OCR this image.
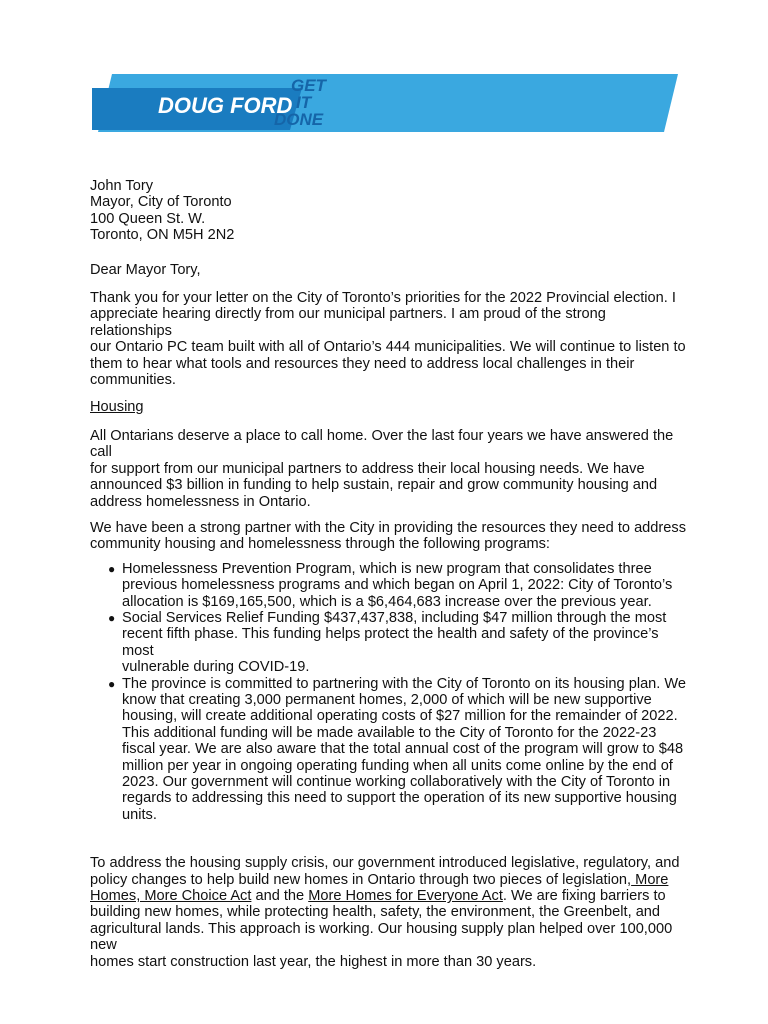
DOUG FORD
GET
IT
DONE
John Tory
Mayor, City of Toronto
100 Queen St. W.
Toronto, ON M5H 2N2
Dear Mayor Tory,
Thank you for your letter on the City of Toronto’s priorities for the 2022 Provincial election. I
appreciate hearing directly from our municipal partners. I am proud of the strong relationships
our Ontario PC team built with all of Ontario’s 444 municipalities. We will continue to listen to
them to hear what tools and resources they need to address local challenges in their
communities.
Housing
All Ontarians deserve a place to call home. Over the last four years we have answered the call
for support from our municipal partners to address their local housing needs. We have
announced $3 billion in funding to help sustain, repair and grow community housing and
address homelessness in Ontario.
We have been a strong partner with the City in providing the resources they need to address
community housing and homelessness through the following programs:
● Homelessness Prevention Program, which is new program that consolidates three
previous homelessness programs and which began on April 1, 2022: City of Toronto’s
allocation is $169,165,500, which is a $6,464,683 increase over the previous year.
● Social Services Relief Funding $437,437,838, including $47 million through the most
recent fifth phase. This funding helps protect the health and safety of the province’s most
vulnerable during COVID-19.
● The province is committed to partnering with the City of Toronto on its housing plan. We
know that creating 3,000 permanent homes, 2,000 of which will be new supportive
housing, will create additional operating costs of $27 million for the remainder of 2022.
This additional funding will be made available to the City of Toronto for the 2022-23
fiscal year. We are also aware that the total annual cost of the program will grow to $48
million per year in ongoing operating funding when all units come online by the end of
2023. Our government will continue working collaboratively with the City of Toronto in
regards to addressing this need to support the operation of its new supportive housing
units.
To address the housing supply crisis, our government introduced legislative, regulatory, and
policy changes to help build new homes in Ontario through two pieces of legislation, More
Homes, More Choice Act and the More Homes for Everyone Act. We are fixing barriers to
building new homes, while protecting health, safety, the environment, the Greenbelt, and
agricultural lands. This approach is working. Our housing supply plan helped over 100,000 new
homes start construction last year, the highest in more than 30 years.
